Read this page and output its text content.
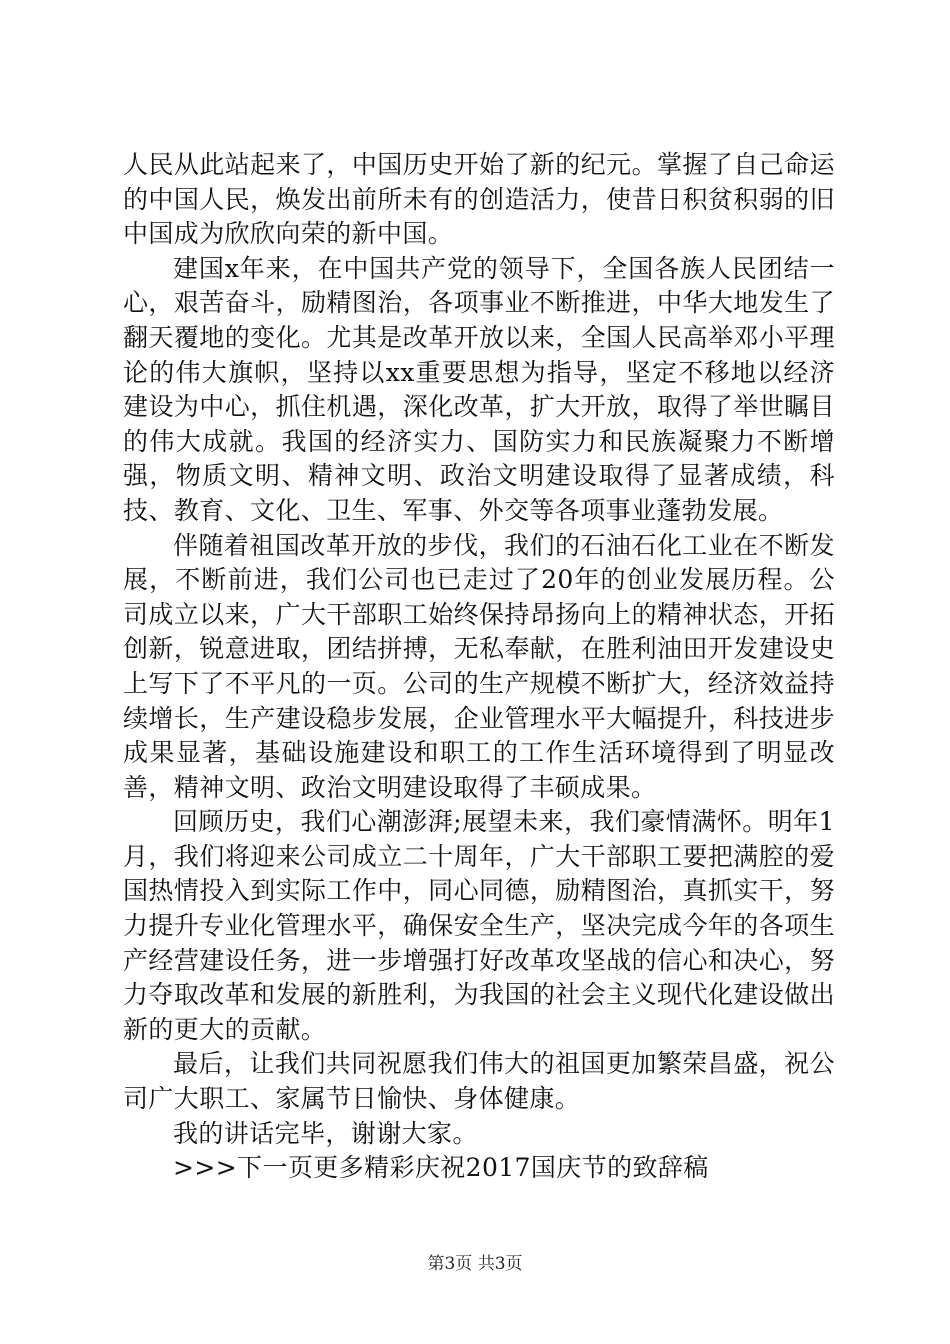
人民从此站起来了，中国历史开始了新的纪元。掌握了自己命运的中国人民，焕发出前所未有的创造活力，使昔日积贫积弱的旧中国成为欣欣向荣的新中国。

建国x年来，在中国共产党的领导下，全国各族人民团结一心，艰苦奋斗，励精图治，各项事业不断推进，中华大地发生了翻天覆地的变化。尤其是改革开放以来，全国人民高举邓小平理论的伟大旗帜，坚持以xx重要思想为指导，坚定不移地以经济建设为中心，抓住机遇，深化改革，扩大开放，取得了举世瞩目的伟大成就。我国的经济实力、国防实力和民族凝聚力不断增强，物质文明、精神文明、政治文明建设取得了显著成绩，科技、教育、文化、卫生、军事、外交等各项事业蓬勃发展。

伴随着祖国改革开放的步伐，我们的石油石化工业在不断发展，不断前进，我们公司也已走过了20年的创业发展历程。公司成立以来，广大干部职工始终保持昂扬向上的精神状态，开拓创新，锐意进取，团结拼搏，无私奉献，在胜利油田开发建设史上写下了不平凡的一页。公司的生产规模不断扩大，经济效益持续增长，生产建设稳步发展，企业管理水平大幅提升，科技进步成果显著，基础设施建设和职工的工作生活环境得到了明显改善，精神文明、政治文明建设取得了丰硕成果。

回顾历史，我们心潮澎湃;展望未来，我们豪情满怀。明年1月，我们将迎来公司成立二十周年，广大干部职工要把满腔的爱国热情投入到实际工作中，同心同德，励精图治，真抓实干，努力提升专业化管理水平，确保安全生产，坚决完成今年的各项生产经营建设任务，进一步增强打好改革攻坚战的信心和决心，努力夺取改革和发展的新胜利，为我国的社会主义现代化建设做出新的更大的贡献。

最后，让我们共同祝愿我们伟大的祖国更加繁荣昌盛，祝公司广大职工、家属节日愉快、身体健康。

我的讲话完毕，谢谢大家。

>>>下一页更多精彩庆祝2017国庆节的致辞稿

第3页 共3页
